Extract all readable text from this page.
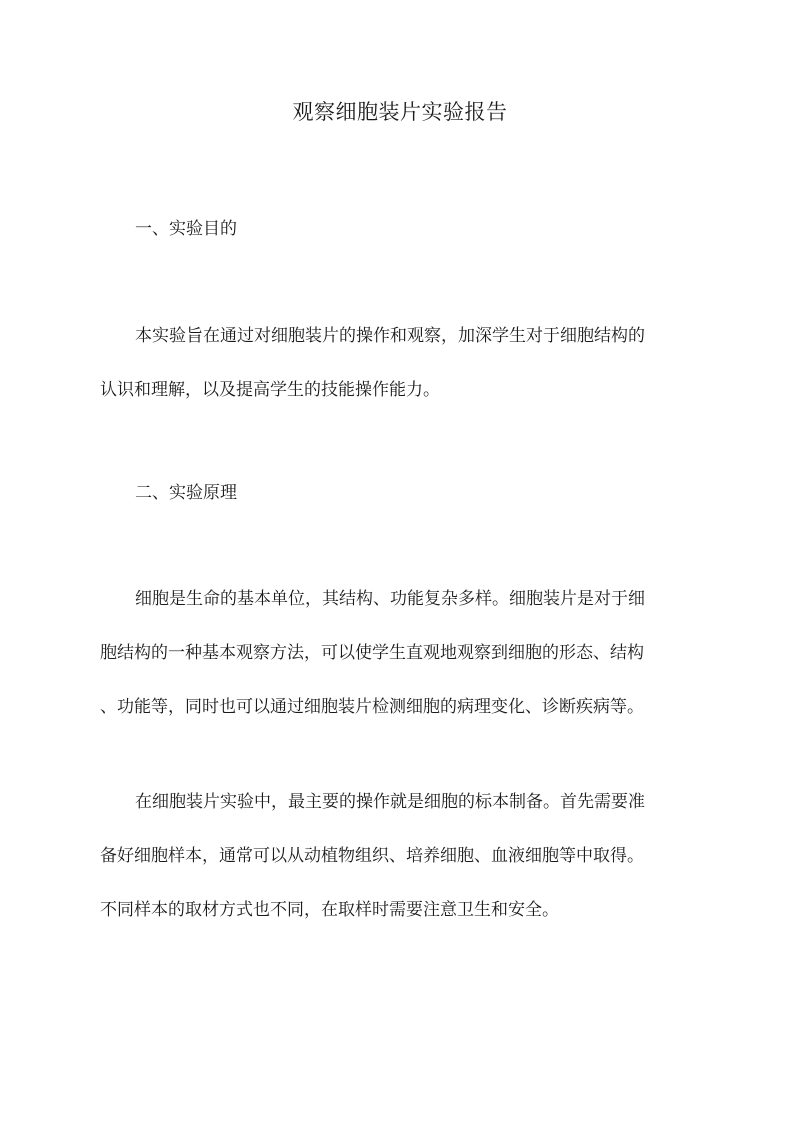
观察细胞装片实验报告
一、实验目的
本实验旨在通过对细胞装片的操作和观察，加深学生对于细胞结构的
认识和理解，以及提高学生的技能操作能力。
二、实验原理
细胞是生命的基本单位，其结构、功能复杂多样。细胞装片是对于细
胞结构的一种基本观察方法，可以使学生直观地观察到细胞的形态、结构
、功能等，同时也可以通过细胞装片检测细胞的病理变化、诊断疾病等。
在细胞装片实验中，最主要的操作就是细胞的标本制备。首先需要准
备好细胞样本，通常可以从动植物组织、培养细胞、血液细胞等中取得。
不同样本的取材方式也不同，在取样时需要注意卫生和安全。
